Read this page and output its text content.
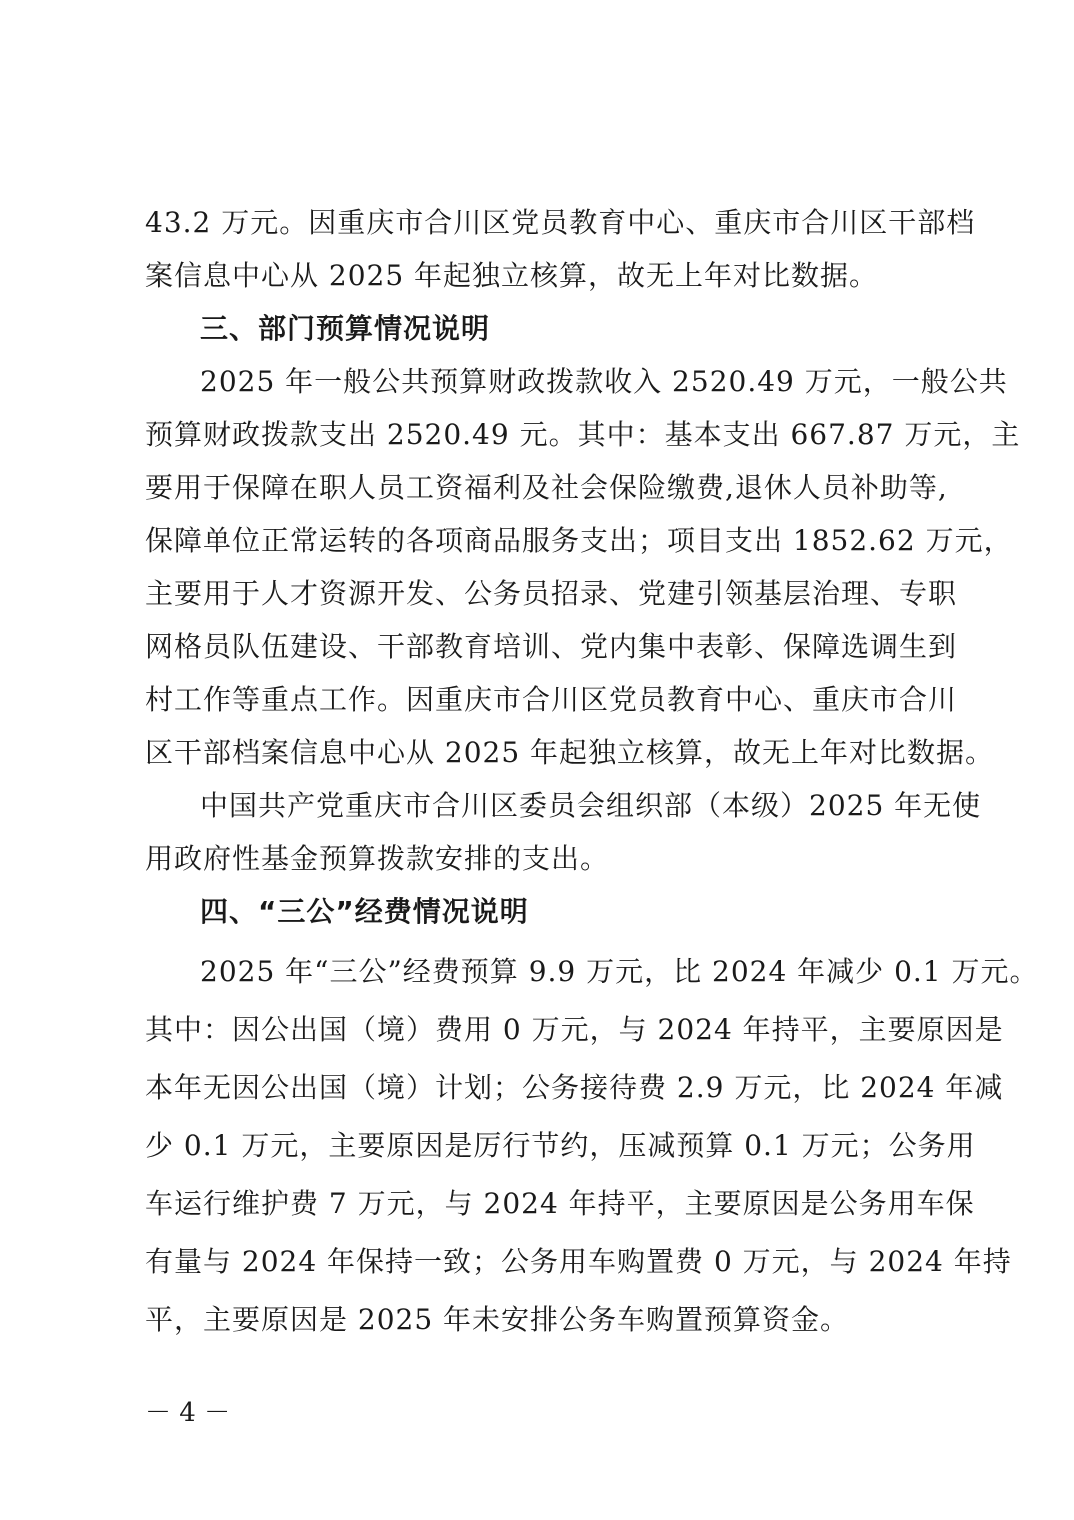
43.2 万元。因重庆市合川区党员教育中心、重庆市合川区干部档
案信息中心从 2025 年起独立核算，故无上年对比数据。
三、部门预算情况说明
2025 年一般公共预算财政拨款收入 2520.49 万元，一般公共
预算财政拨款支出 2520.49 元。其中：基本支出 667.87 万元，主
要用于保障在职人员工资福利及社会保险缴费,退休人员补助等,
保障单位正常运转的各项商品服务支出；项目支出 1852.62 万元，
主要用于人才资源开发、公务员招录、党建引领基层治理、专职
网格员队伍建设、干部教育培训、党内集中表彰、保障选调生到
村工作等重点工作。因重庆市合川区党员教育中心、重庆市合川
区干部档案信息中心从 2025 年起独立核算，故无上年对比数据。
中国共产党重庆市合川区委员会组织部（本级）2025 年无使
用政府性基金预算拨款安排的支出。
四、“三公”经费情况说明
2025 年“三公”经费预算 9.9 万元，比 2024 年减少 0.1 万元。
其中：因公出国（境）费用 0 万元，与 2024 年持平，主要原因是
本年无因公出国（境）计划；公务接待费 2.9 万元，比 2024 年减
少 0.1 万元，主要原因是厉行节约，压减预算 0.1 万元；公务用
车运行维护费 7 万元，与 2024 年持平，主要原因是公务用车保
有量与 2024 年保持一致；公务用车购置费 0 万元，与 2024 年持
平，主要原因是 2025 年未安排公务车购置预算资金。
－ 4 －
